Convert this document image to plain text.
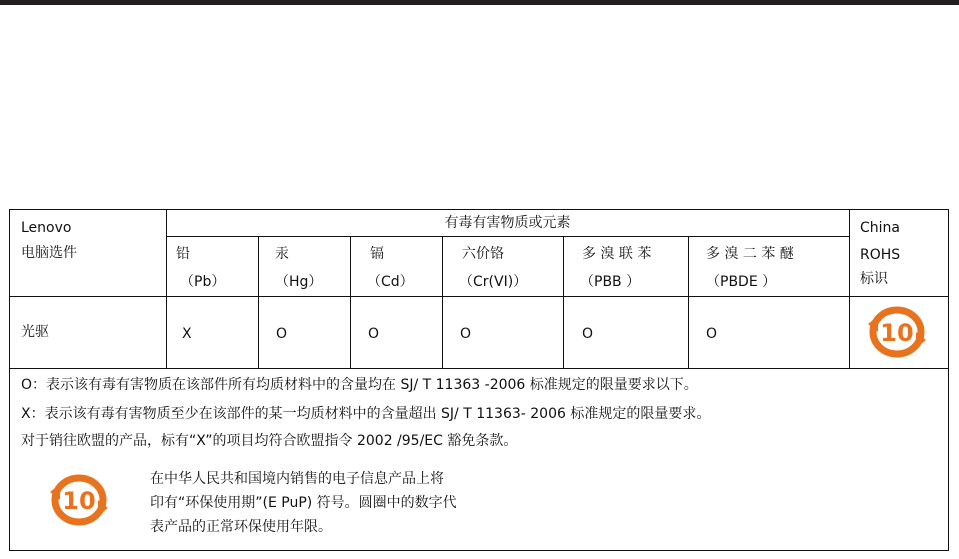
Lenovo
电脑选件
有毒有害物质或元素	China
ROHS
标识
铅	汞	镉	六价铬	多 溴 联 苯	多 溴 二 苯 醚
（Pb）	（Hg）	（Cd）	（Cr(VI)）	（PBB ）	（PBDE ）
光驱	X	O	O	O	O	O	10
O：表示该有毒有害物质在该部件所有均质材料中的含量均在 SJ/ T 11363 -2006 标准规定的限量要求以下。
X：表示该有毒有害物质至少在该部件的某一均质材料中的含量超出 SJ/ T 11363- 2006 标准规定的限量要求。
对于销往欧盟的产品，标有“X”的项目均符合欧盟指令 2002 /95/EC 豁免条款。
10
在中华人民共和国境内销售的电子信息产品上将
印有“环保使用期”(E PuP) 符号。圆圈中的数字代
表产品的正常环保使用年限。
